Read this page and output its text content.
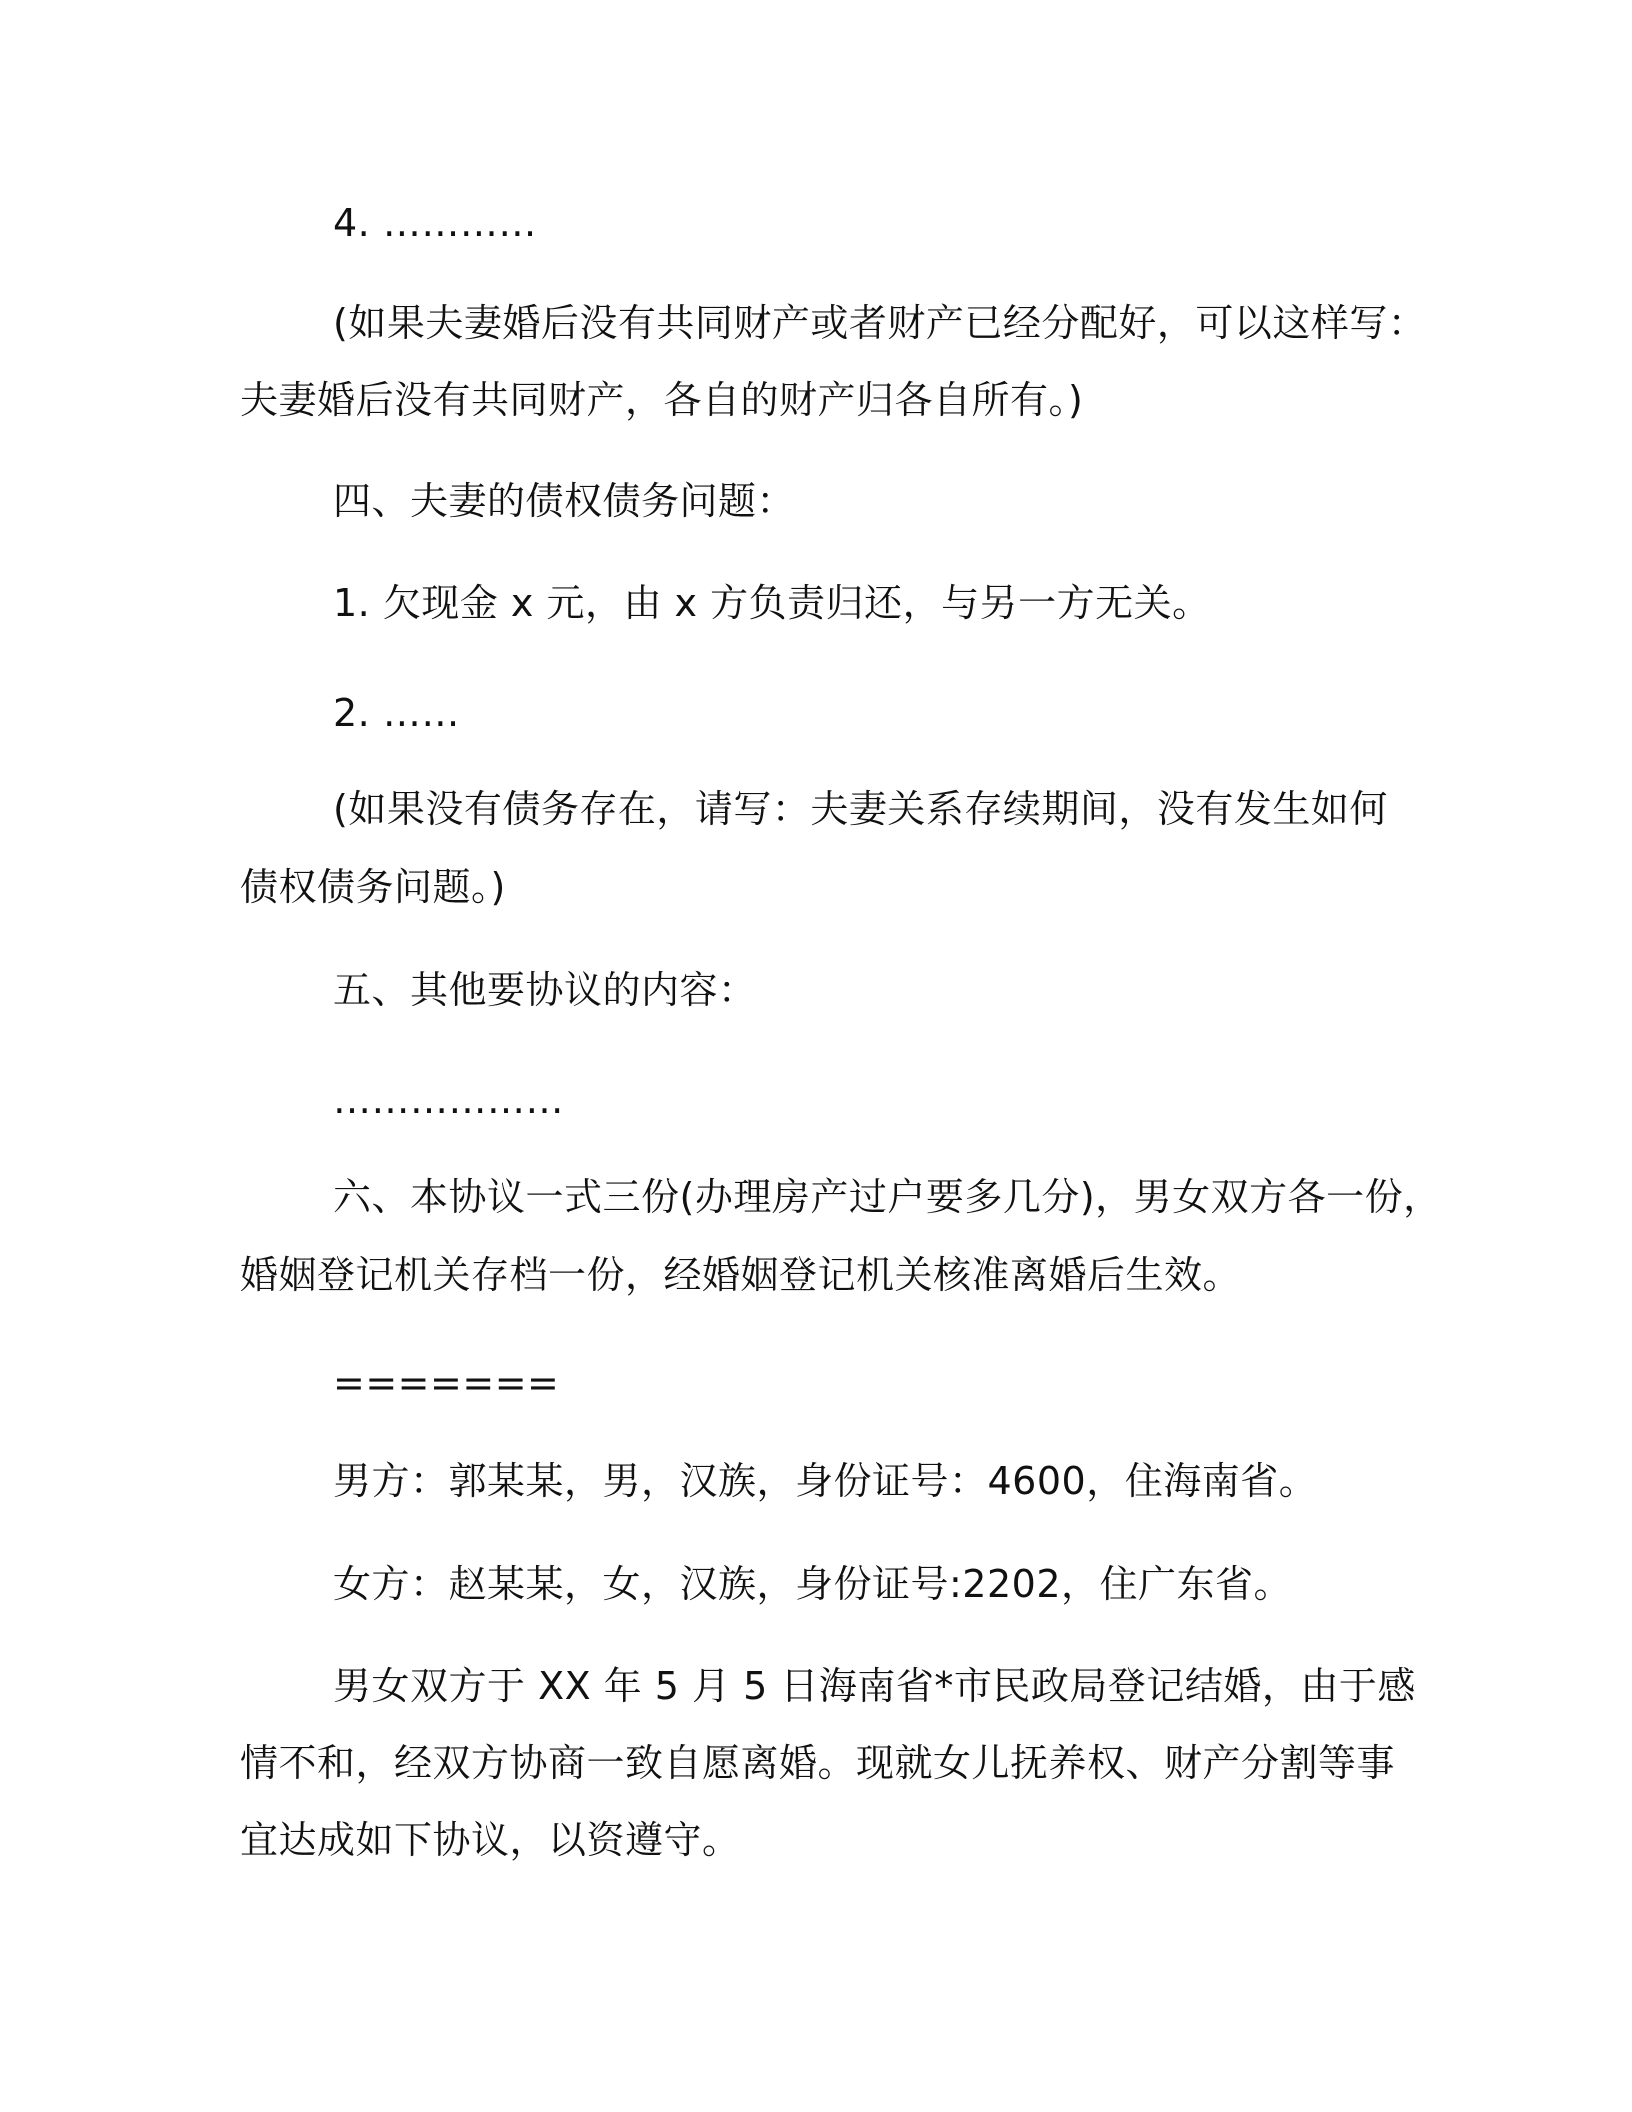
4. …………
(如果夫妻婚后没有共同财产或者财产已经分配好，可以这样写：
夫妻婚后没有共同财产，各自的财产归各自所有。)
四、夫妻的债权债务问题：
1. 欠现金 x 元，由 x 方负责归还，与另一方无关。
2. ……
(如果没有债务存在，请写：夫妻关系存续期间，没有发生如何
债权债务问题。)
五、其他要协议的内容：
………………
六、本协议一式三份(办理房产过户要多几分)，男女双方各一份，
婚姻登记机关存档一份，经婚姻登记机关核准离婚后生效。
=======
男方：郭某某，男，汉族，身份证号：4600，住海南省。
女方：赵某某，女，汉族，身份证号:2202，住广东省。
男女双方于 XX 年 5 月 5 日海南省*市民政局登记结婚，由于感
情不和，经双方协商一致自愿离婚。现就女儿抚养权、财产分割等事
宜达成如下协议，以资遵守。
